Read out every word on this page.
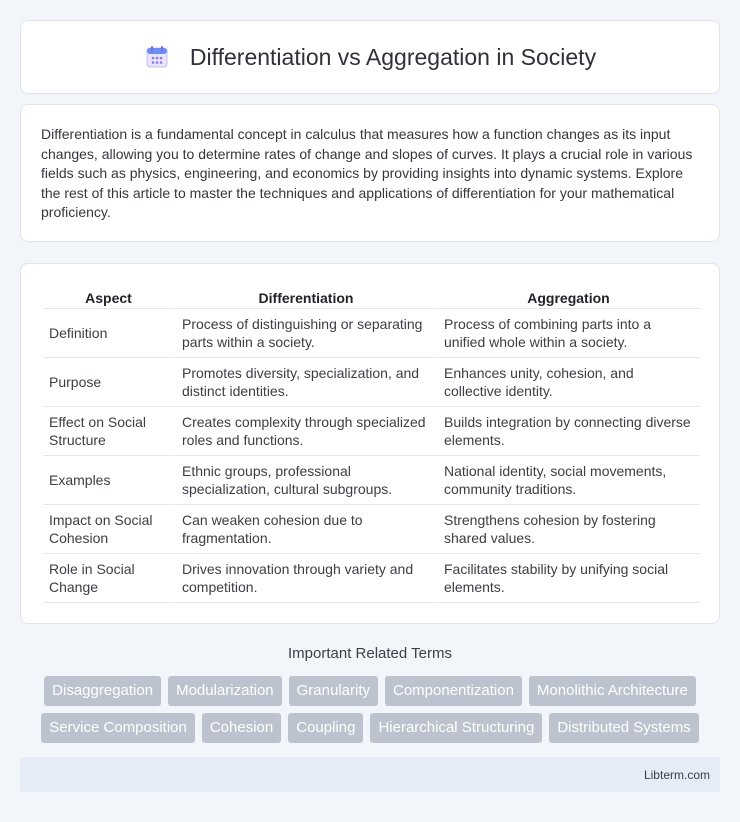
Differentiation vs Aggregation in Society

Differentiation is a fundamental concept in calculus that measures how a function changes as its input changes, allowing you to determine rates of change and slopes of curves. It plays a crucial role in various fields such as physics, engineering, and economics by providing insights into dynamic systems. Explore the rest of this article to master the techniques and applications of differentiation for your mathematical proficiency.

Aspect	Differentiation	Aggregation
Definition	Process of distinguishing or separating parts within a society.	Process of combining parts into a unified whole within a society.
Purpose	Promotes diversity, specialization, and distinct identities.	Enhances unity, cohesion, and collective identity.
Effect on Social Structure	Creates complexity through specialized roles and functions.	Builds integration by connecting diverse elements.
Examples	Ethnic groups, professional specialization, cultural subgroups.	National identity, social movements, community traditions.
Impact on Social Cohesion	Can weaken cohesion due to fragmentation.	Strengthens cohesion by fostering shared values.
Role in Social Change	Drives innovation through variety and competition.	Facilitates stability by unifying social elements.
Important Related Terms
Disaggregation	Modularization	Granularity	Componentization	Monolithic Architecture
Service Composition	Cohesion	Coupling	Hierarchical Structuring	Distributed Systems
Libterm.com
